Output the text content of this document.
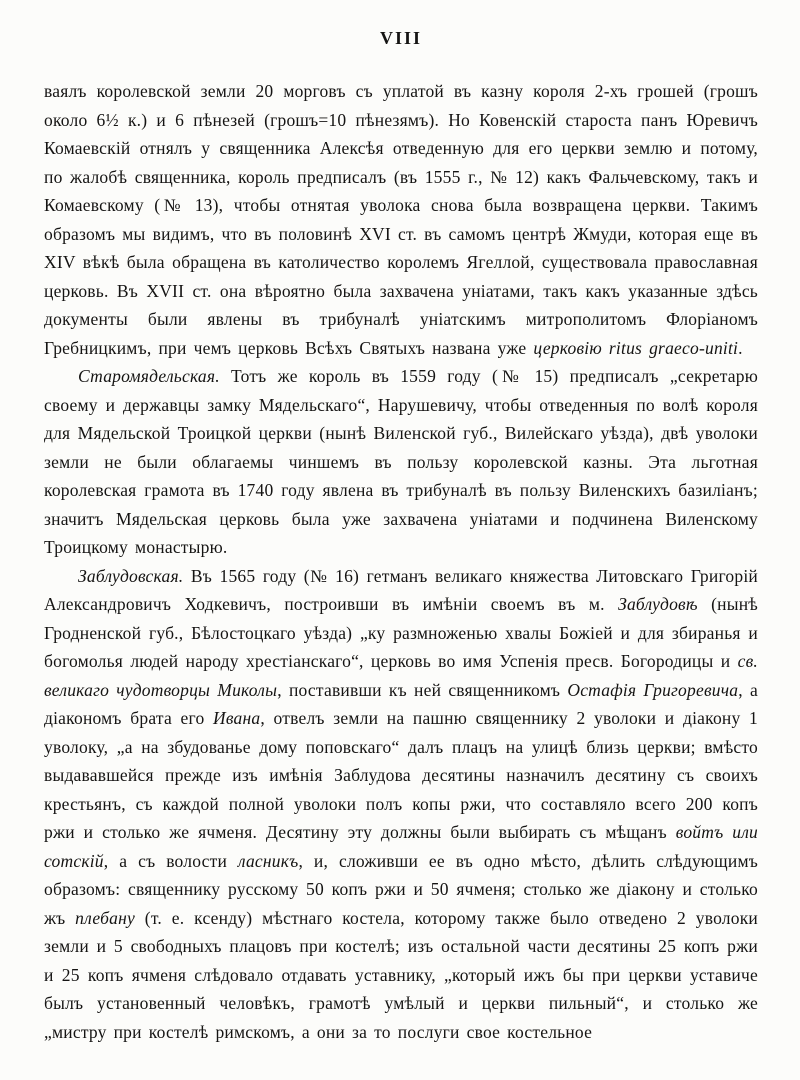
VIII

ваялъ королевской земли 20 морговъ съ уплатой въ казну короля 2-хъ грошей (грошъ около 6½ к.) и 6 пѣнезей (грошъ=10 пѣнезямъ). Но Ковенскій староста панъ Юревичъ Комаевскій отнялъ у священника Алексѣя отведенную для его церкви землю и потому, по жалобѣ священника, король предписалъ (въ 1555 г., № 12) какъ Фальчевскому, такъ и Комаевскому (№ 13), чтобы отнятая уволока снова была возвращена церкви. Такимъ образомъ мы видимъ, что въ половинѣ XVI ст. въ самомъ центрѣ Жмуди, которая еще въ XIV вѣкѣ была обращена въ католичество королемъ Ягеллой, существовала православная церковь. Въ XVII ст. она вѣроятно была захвачена уніатами, такъ какъ указанные здѣсь документы были явлены въ трибуналѣ уніатскимъ митрополитомъ Флоріаномъ Гребницкимъ, при чемъ церковь Всѣхъ Святыхъ названа уже церковію ritus graeco-uniti.

Старомядельская. Тотъ же король въ 1559 году (№ 15) предписалъ „секретарю своему и державцы замку Мядельскаго“, Нарушевичу, чтобы отведенныя по волѣ короля для Мядельской Троицкой церкви (нынѣ Виленской губ., Вилейскаго уѣзда), двѣ уволоки земли не были облагаемы чиншемъ въ пользу королевской казны. Эта льготная королевская грамота въ 1740 году явлена въ трибуналѣ въ пользу Виленскихъ базиліанъ; значитъ Мядельская церковь была уже захвачена уніатами и подчинена Виленскому Троицкому монастырю.

Заблудовская. Въ 1565 году (№ 16) гетманъ великаго княжества Литовскаго Григорій Александровичъ Ходкевичъ, построивши въ имѣніи своемъ въ м. Заблудовѣ (нынѣ Гродненской губ., Бѣлостоцкаго уѣзда) „ку размноженью хвалы Божіей и для збиранья и богомолья людей народу хрестіанскаго“, церковь во имя Успенія пресв. Богородицы и св. великаго чудотворцы Миколы, поставивши къ ней священникомъ Остафія Григоревича, а діакономъ брата его Ивана, отвелъ земли на пашню священнику 2 уволоки и діакону 1 уволоку, „а на збудованье дому поповскаго“ далъ плацъ на улицѣ близь церкви; вмѣсто выдававшейся прежде изъ имѣнія Заблудова десятины назначилъ десятину съ своихъ крестьянъ, съ каждой полной уволоки полъ копы ржи, что составляло всего 200 копъ ржи и столько же ячменя. Десятину эту должны были выбирать съ мѣщанъ войтъ или сотскій, а съ волости ласникъ, и, сложивши ее въ одно мѣсто, дѣлить слѣдующимъ образомъ: священнику русскому 50 копъ ржи и 50 ячменя; столько же діакону и столько жъ плебану (т. е. ксенду) мѣстнаго костела, которому также было отведено 2 уволоки земли и 5 свободныхъ плацовъ при костелѣ; изъ остальной части десятины 25 копъ ржи и 25 копъ ячменя слѣдовало отдавать уставнику, „который ижъ бы при церкви уставиче былъ установенный человѣкъ, грамотѣ умѣлый и церкви пильный“, и столько же „мистру при костелѣ римскомъ, а они за то послуги свое костельное
